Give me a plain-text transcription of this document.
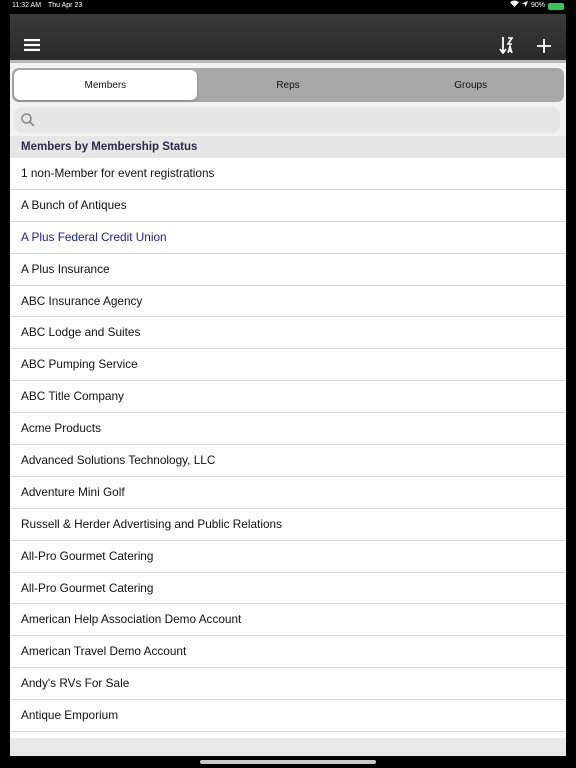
11:32 AM Thu Apr 23	90%
Members	Reps	Groups
Members by Membership Status
1 non-Member for event registrations
A Bunch of Antiques
A Plus Federal Credit Union
A Plus Insurance
ABC Insurance Agency
ABC Lodge and Suites
ABC Pumping Service
ABC Title Company
Acme Products
Advanced Solutions Technology, LLC
Adventure Mini Golf
Russell & Herder Advertising and Public Relations
All-Pro Gourmet Catering
All-Pro Gourmet Catering
American Help Association Demo Account
American Travel Demo Account
Andy's RVs For Sale
Antique Emporium
